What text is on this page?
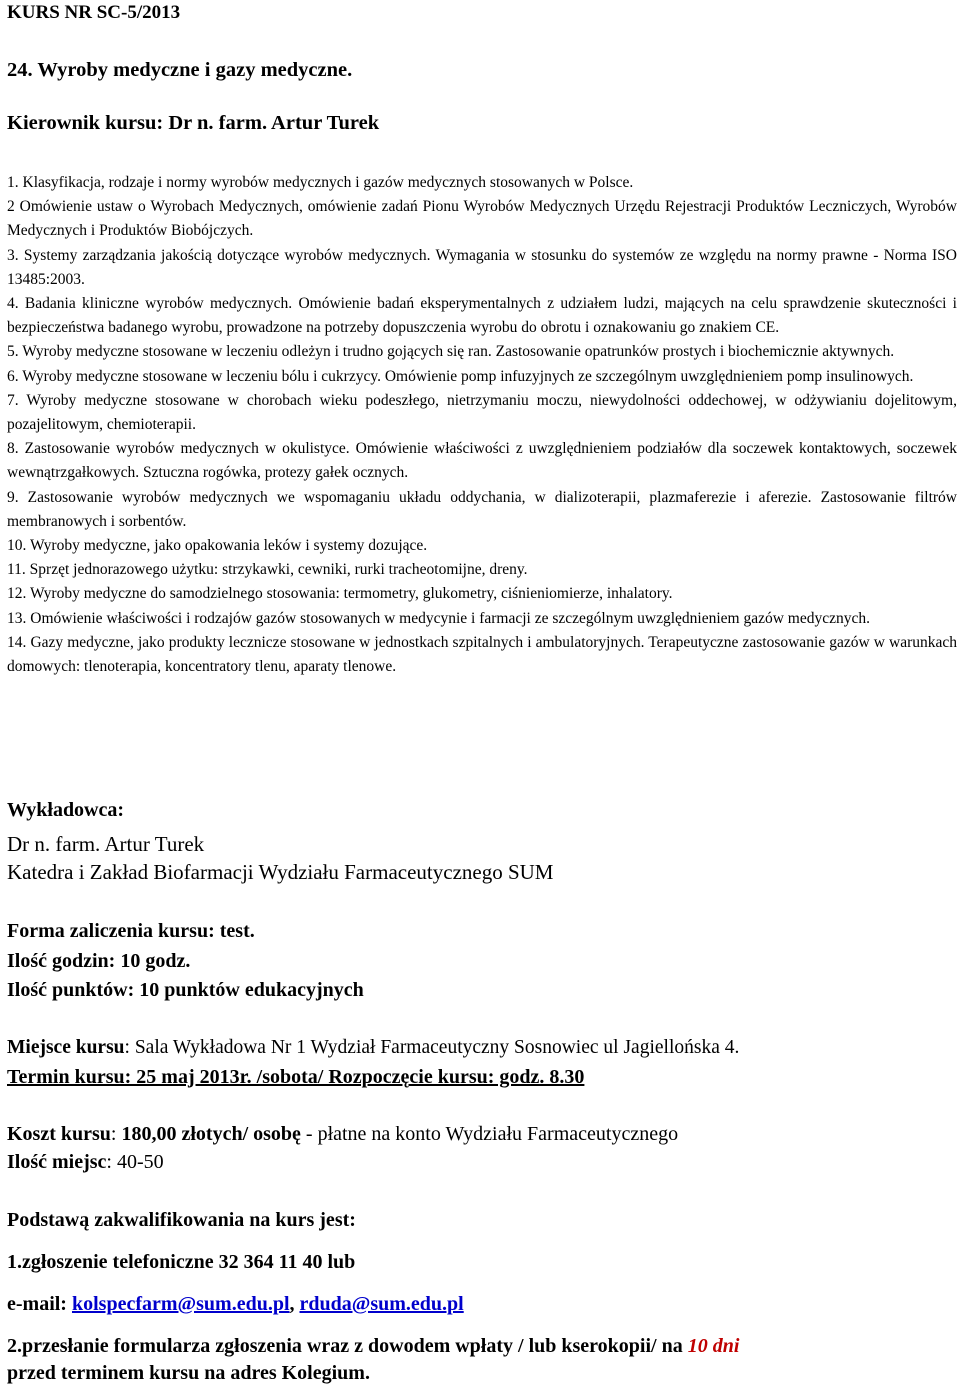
KURS NR SC-5/2013
24. Wyroby medyczne i gazy medyczne.
Kierownik kursu: Dr n. farm. Artur Turek

1. Klasyfikacja, rodzaje i normy wyrobów medycznych i gazów medycznych stosowanych w Polsce.

2 Omówienie ustaw o Wyrobach Medycznych, omówienie zadań Pionu Wyrobów Medycznych Urzędu Rejestracji Produktów Leczniczych, Wyrobów Medycznych i Produktów Biobójczych.

3. Systemy zarządzania jakością dotyczące wyrobów medycznych. Wymagania w stosunku do systemów ze względu na normy prawne - Norma ISO 13485:2003.

4. Badania kliniczne wyrobów medycznych. Omówienie badań eksperymentalnych z udziałem ludzi, mających na celu sprawdzenie skuteczności i bezpieczeństwa badanego wyrobu, prowadzone na potrzeby dopuszczenia wyrobu do obrotu i oznakowaniu go znakiem CE.

5. Wyroby medyczne stosowane w leczeniu odleżyn i trudno gojących się ran. Zastosowanie opatrunków prostych i biochemicznie aktywnych.

6. Wyroby medyczne stosowane w leczeniu bólu i cukrzycy. Omówienie pomp infuzyjnych ze szczególnym uwzględnieniem pomp insulinowych.

7. Wyroby medyczne stosowane w chorobach wieku podeszłego, nietrzymaniu moczu, niewydolności oddechowej, w odżywianiu dojelitowym, pozajelitowym, chemioterapii.

8. Zastosowanie wyrobów medycznych w okulistyce. Omówienie właściwości z uwzględnieniem podziałów dla soczewek kontaktowych, soczewek wewnątrzgałkowych. Sztuczna rogówka, protezy gałek ocznych.

9. Zastosowanie wyrobów medycznych we wspomaganiu układu oddychania, w dializoterapii, plazmaferezie i aferezie. Zastosowanie filtrów membranowych i sorbentów.

10. Wyroby medyczne, jako opakowania leków i systemy dozujące.

11. Sprzęt jednorazowego użytku: strzykawki, cewniki, rurki tracheotomijne, dreny.

12. Wyroby medyczne do samodzielnego stosowania: termometry, glukometry, ciśnieniomierze, inhalatory.

13. Omówienie właściwości i rodzajów gazów stosowanych w medycynie i farmacji ze szczególnym uwzględnieniem gazów medycznych.

14. Gazy medyczne, jako produkty lecznicze stosowane w jednostkach szpitalnych i ambulatoryjnych. Terapeutyczne zastosowanie gazów w warunkach domowych: tlenoterapia, koncentratory tlenu, aparaty tlenowe.

Wykładowca:
Dr n. farm. Artur Turek
Katedra i Zakład Biofarmacji Wydziału Farmaceutycznego SUM
Forma zaliczenia kursu: test.
Ilość godzin: 10 godz.
Ilość punktów: 10 punktów edukacyjnych
Miejsce kursu: Sala Wykładowa Nr 1 Wydział Farmaceutyczny Sosnowiec ul Jagiellońska 4.
Termin kursu: 25 maj 2013r. /sobota/ Rozpoczęcie kursu: godz. 8.30
Koszt kursu: 180,00 złotych/ osobę - płatne na konto Wydziału Farmaceutycznego
Ilość miejsc: 40-50
Podstawą zakwalifikowania na kurs jest:
1.zgłoszenie telefoniczne 32 364 11 40 lub
e-mail: kolspecfarm@sum.edu.pl, rduda@sum.edu.pl
2.przesłanie formularza zgłoszenia wraz z dowodem wpłaty / lub kserokopii/ na 10 dni
przed terminem kursu na adres Kolegium.
